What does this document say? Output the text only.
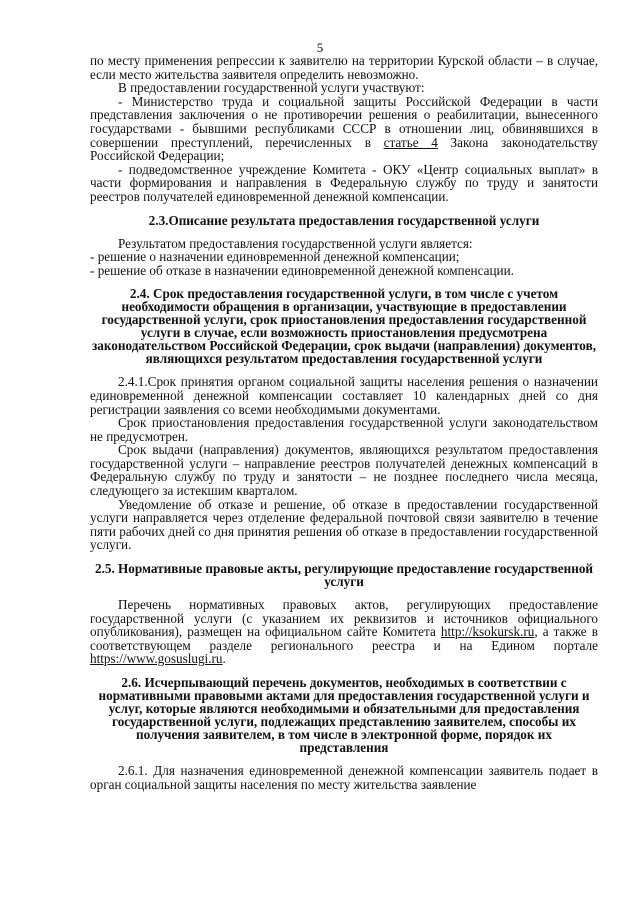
5

по месту применения репрессии к заявителю на территории Курской области – в случае, если место жительства заявителя определить невозможно.

В предоставлении государственной услуги участвуют:

- Министерство труда и социальной защиты Российской Федерации в части представления заключения о не противоречии решения о реабилитации, вынесенного государствами - бывшими республиками СССР в отношении лиц, обвинявшихся в совершении преступлений, перечисленных в статье 4 Закона законодательству Российской Федерации;

- подведомственное учреждение Комитета - ОКУ «Центр социальных выплат» в части формирования и направления в Федеральную службу по труду и занятости реестров получателей единовременной денежной компенсации.

2.3.Описание результата предоставления государственной услуги

Результатом предоставления государственной услуги является:

- решение о назначении единовременной денежной компенсации;

- решение об отказе в назначении единовременной денежной компенсации.

2.4. Срок предоставления государственной услуги, в том числе с учетом необходимости обращения в организации, участвующие в предоставлении государственной услуги, срок приостановления предоставления государственной услуги в случае, если возможность приостановления предусмотрена законодательством Российской Федерации, срок выдачи (направления) документов, являющихся результатом предоставления государственной услуги

2.4.1.Срок принятия органом социальной защиты населения решения о назначении единовременной денежной компенсации составляет 10 календарных дней со дня регистрации заявления со всеми необходимыми документами.

Срок приостановления предоставления государственной услуги законодательством не предусмотрен.

Срок выдачи (направления) документов, являющихся результатом предоставления государственной услуги – направление реестров получателей денежных компенсаций в Федеральную службу по труду и занятости – не позднее последнего числа месяца, следующего за истекшим кварталом.

Уведомление об отказе и решение, об отказе в предоставлении государственной услуги направляется через отделение федеральной почтовой связи заявителю в течение пяти рабочих дней со дня принятия решения об отказе в предоставлении государственной услуги.

2.5. Нормативные правовые акты, регулирующие предоставление государственной услуги

Перечень нормативных правовых актов, регулирующих предоставление государственной услуги (с указанием их реквизитов и источников официального опубликования), размещен на официальном сайте Комитета http://ksokursk.ru, а также в соответствующем разделе регионального реестра и на Едином портале https://www.gosuslugi.ru.

2.6. Исчерпывающий перечень документов, необходимых в соответствии с нормативными правовыми актами для предоставления государственной услуги и услуг, которые являются необходимыми и обязательными для предоставления государственной услуги, подлежащих представлению заявителем, способы их получения заявителем, в том числе в электронной форме, порядок их представления

2.6.1. Для назначения единовременной денежной компенсации заявитель подает в орган социальной защиты населения по месту жительства заявление
